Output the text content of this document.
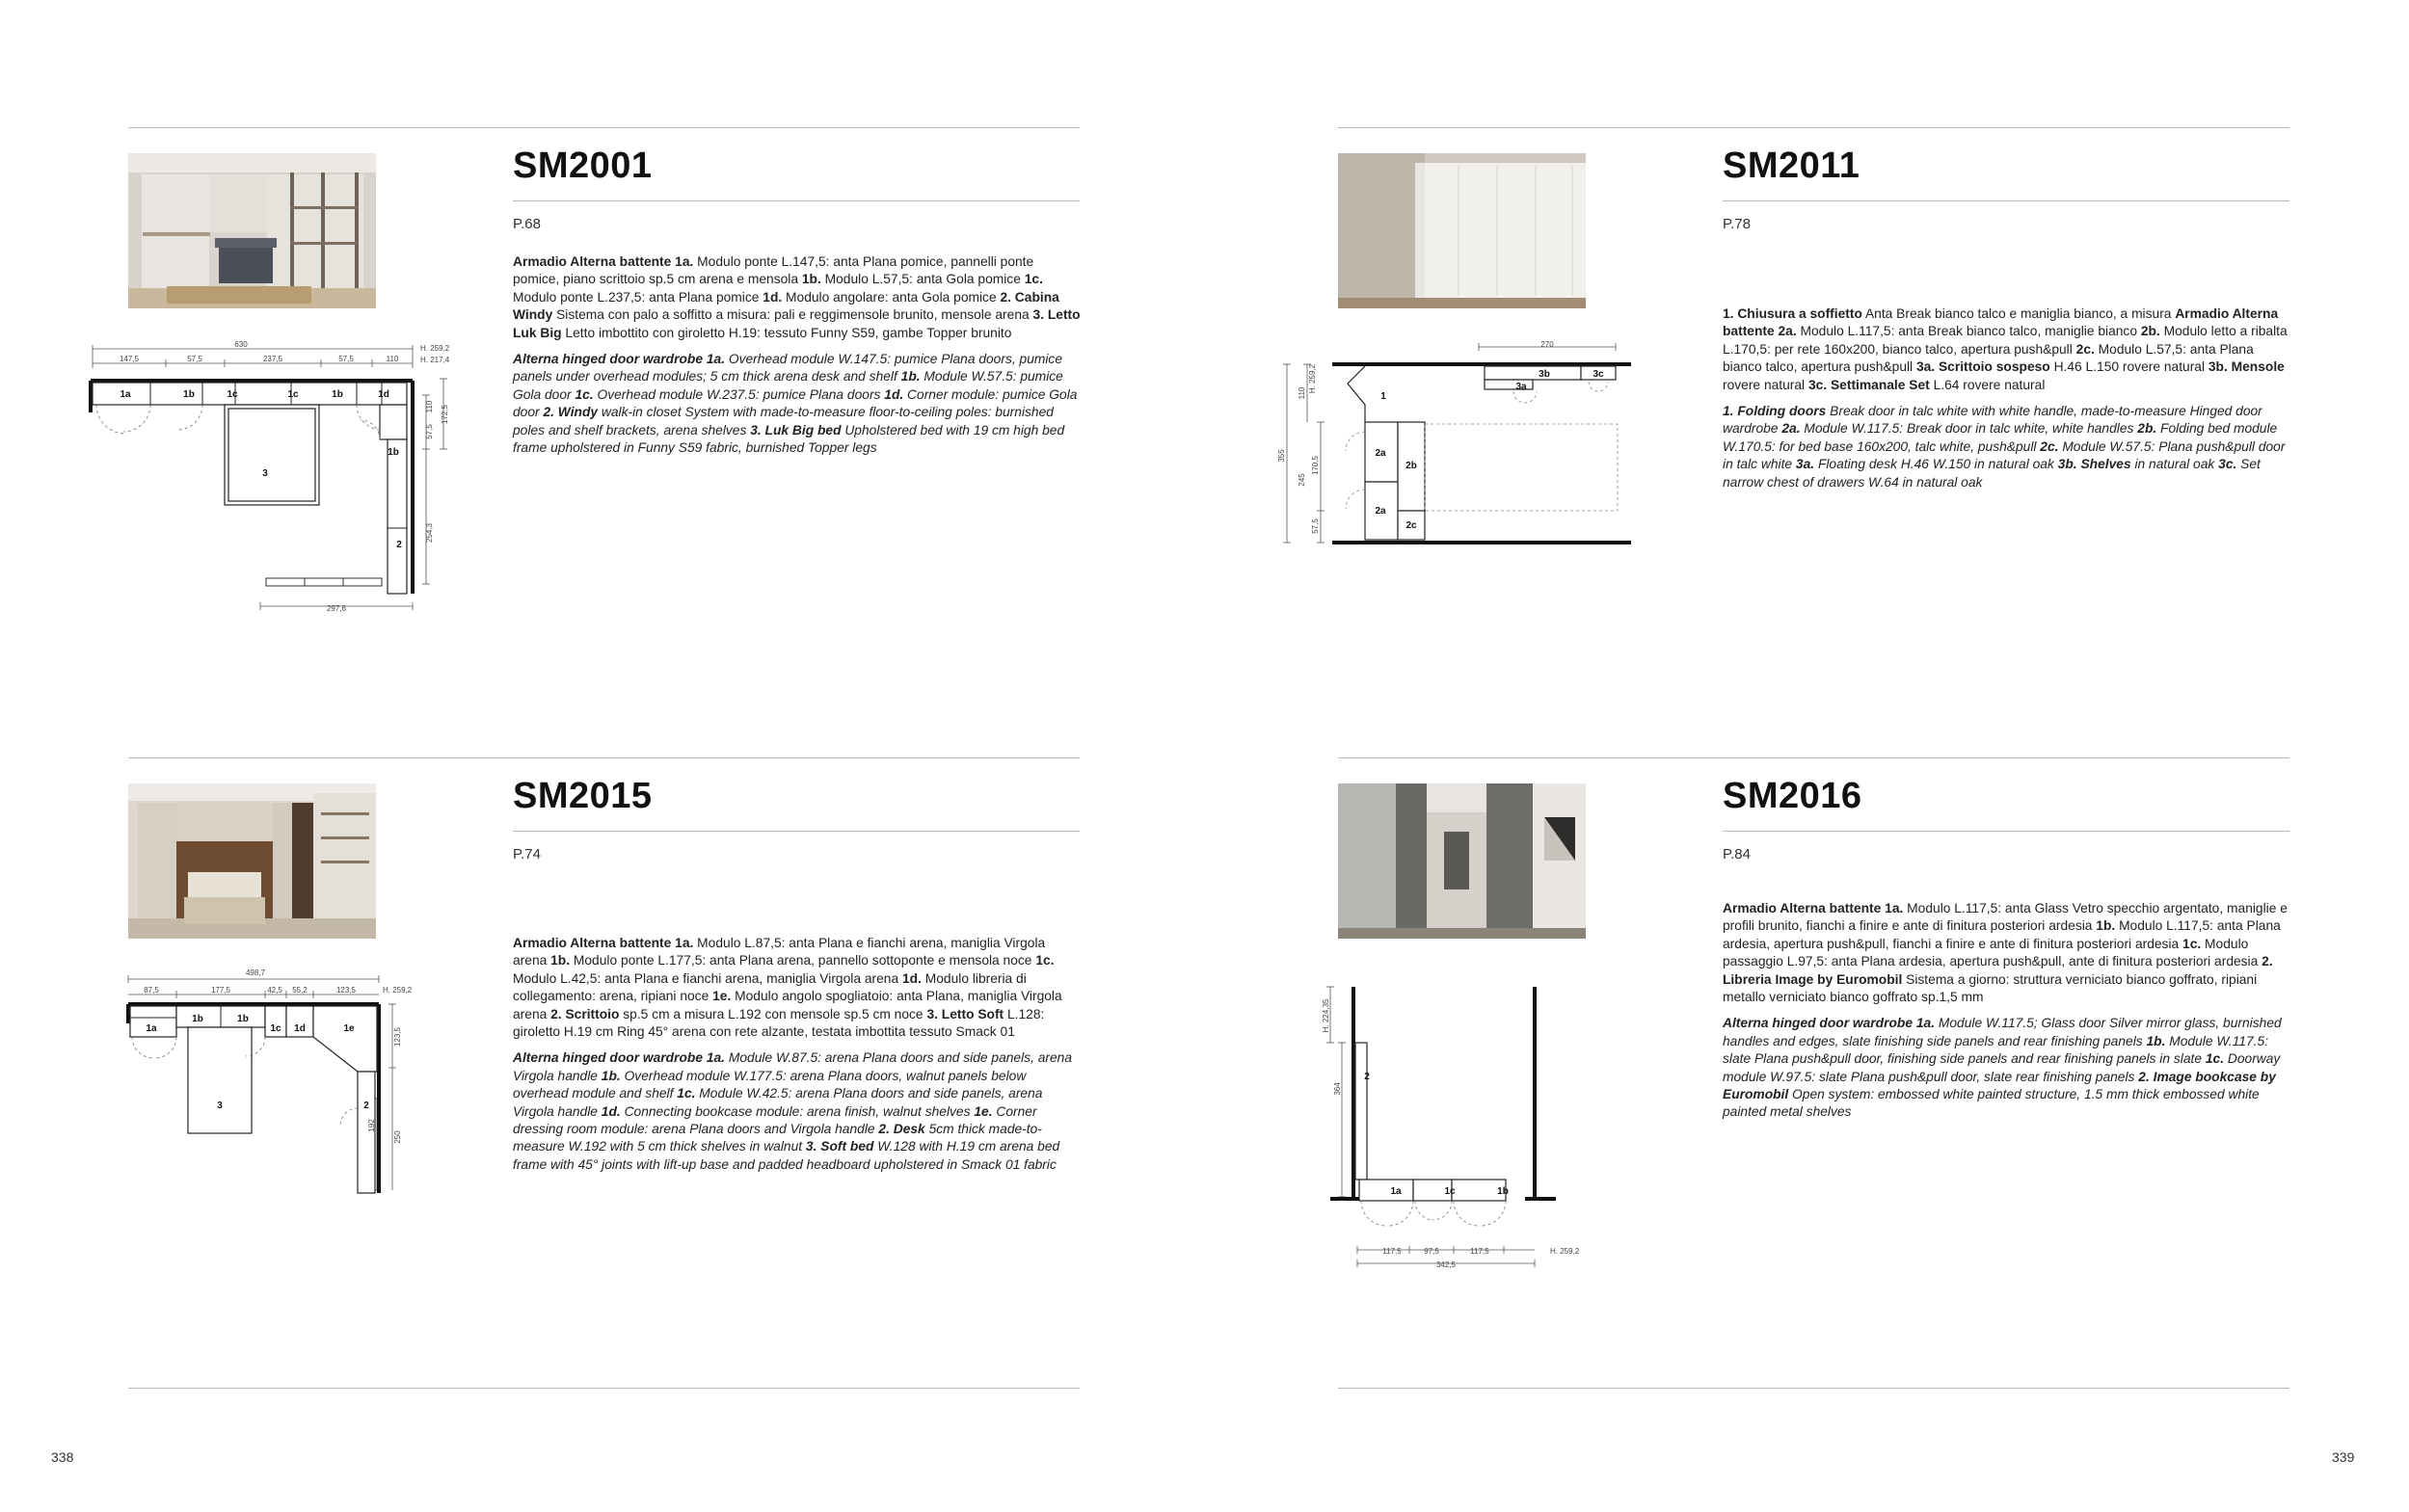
SM2001
P.68

Armadio Alterna battente 1a. Modulo ponte L.147,5: anta Plana pomice, pannelli ponte pomice, piano scrittoio sp.5 cm arena e mensola 1b. Modulo L.57,5: anta Gola pomice 1c. Modulo ponte L.237,5: anta Plana pomice 1d. Modulo angolare: anta Gola pomice 2. Cabina Windy Sistema con palo a soffitto a misura: pali e reggimensole brunito, mensole arena 3. Letto Luk Big Letto imbottito con giroletto H.19: tessuto Funny S59, gambe Topper brunito

Alterna hinged door wardrobe 1a. Overhead module W.147.5: pumice Plana doors, pumice panels under overhead modules; 5 cm thick arena desk and shelf 1b. Module W.57.5: pumice Gola door 1c. Overhead module W.237.5: pumice Plana doors 1d. Corner module: pumice Gola door 2. Windy walk-in closet System with made-to-measure floor-to-ceiling poles: burnished poles and shelf brackets, arena shelves 3. Luk Big bed Upholstered bed with 19 cm high bed frame upholstered in Funny S59 fabric, burnished Topper legs

630
147,5	57,5	237,5	57,5	110
H. 259,2
H. 217,4
297,6
57,5
110 172,5
254,3
1a	1b	1c	1c	1b	1d
1b
2
3
SM2011
P.78

1. Chiusura a soffietto Anta Break bianco talco e maniglia bianco, a misura Armadio Alterna battente 2a. Modulo L.117,5: anta Break bianco talco, maniglie bianco 2b. Modulo letto a ribalta L.170,5: per rete 160x200, bianco talco, apertura push&pull 2c. Modulo L.57,5: anta Plana bianco talco, apertura push&pull 3a. Scrittoio sospeso H.46 L.150 rovere natural 3b. Mensole rovere natural 3c. Settimanale Set L.64 rovere natural

1. Folding doors Break door in talc white with white handle, made-to-measure Hinged door wardrobe 2a. Module W.117.5: Break door in talc white, white handles 2b. Folding bed module W.170.5: for bed base 160x200, talc white, push&pull 2c. Module W.57.5: Plana push&pull door in talc white 3a. Floating desk H.46 W.150 in natural oak 3b. Shelves in natural oak 3c. Set narrow chest of drawers W.64 in natural oak

270
355
H. 259,2
110
245
170,5
57,5
3b	3c
3a
1
2a
2b
2a
2c
SM2015
P.74

Armadio Alterna battente 1a. Modulo L.87,5: anta Plana e fianchi arena, maniglia Virgola arena 1b. Modulo ponte L.177,5: anta Plana arena, pannello sottoponte e mensola noce 1c. Modulo L.42,5: anta Plana e fianchi arena, maniglia Virgola arena 1d. Modulo libreria di collegamento: arena, ripiani noce 1e. Modulo angolo spogliatoio: anta Plana, maniglia Virgola arena 2. Scrittoio sp.5 cm a misura L.192 con mensole sp.5 cm noce 3. Letto Soft L.128: giroletto H.19 cm Ring 45° arena con rete alzante, testata imbottita tessuto Smack 01

Alterna hinged door wardrobe 1a. Module W.87.5: arena Plana doors and side panels, arena Virgola handle 1b. Overhead module W.177.5: arena Plana doors, walnut panels below overhead module and shelf 1c. Module W.42.5: arena Plana doors and side panels, arena Virgola handle 1d. Connecting bookcase module: arena finish, walnut shelves 1e. Corner dressing room module: arena Plana doors and Virgola handle 2. Desk 5cm thick made-to-measure W.192 with 5 cm thick shelves in walnut 3. Soft bed W.128 with H.19 cm arena bed frame with 45° joints with lift-up base and padded headboard upholstered in Smack 01 fabric

498,7
87,5	177,5	42,5 55,2	123,5	H. 259,2
123,5
192
250
1a
1b	1b
1c 1d	1e
2
3
SM2016
P.84

Armadio Alterna battente 1a. Modulo L.117,5: anta Glass Vetro specchio argentato, maniglie e profili brunito, fianchi a finire e ante di finitura posteriori ardesia 1b. Modulo L.117,5: anta Plana ardesia, apertura push&pull, fianchi a finire e ante di finitura posteriori ardesia 1c. Modulo passaggio L.97,5: anta Plana ardesia, apertura push&pull, ante di finitura posteriori ardesia 2. Libreria Image by Euromobil Sistema a giorno: struttura verniciato bianco goffrato, ripiani metallo verniciato bianco goffrato sp.1,5 mm

Alterna hinged door wardrobe 1a. Module W.117.5; Glass door Silver mirror glass, burnished handles and edges, slate finishing side panels and rear finishing panels 1b. Module W.117.5: slate Plana push&pull door, finishing side panels and rear finishing panels in slate 1c. Doorway module W.97.5: slate Plana push&pull door, slate rear finishing panels 2. Image bookcase by Euromobil Open system: embossed white painted structure, 1.5 mm thick embossed white painted metal shelves

H. 224,35
364
117,5	97,5	117,5	H. 259,2
342,5
2
1a	1c	1b
338	339
